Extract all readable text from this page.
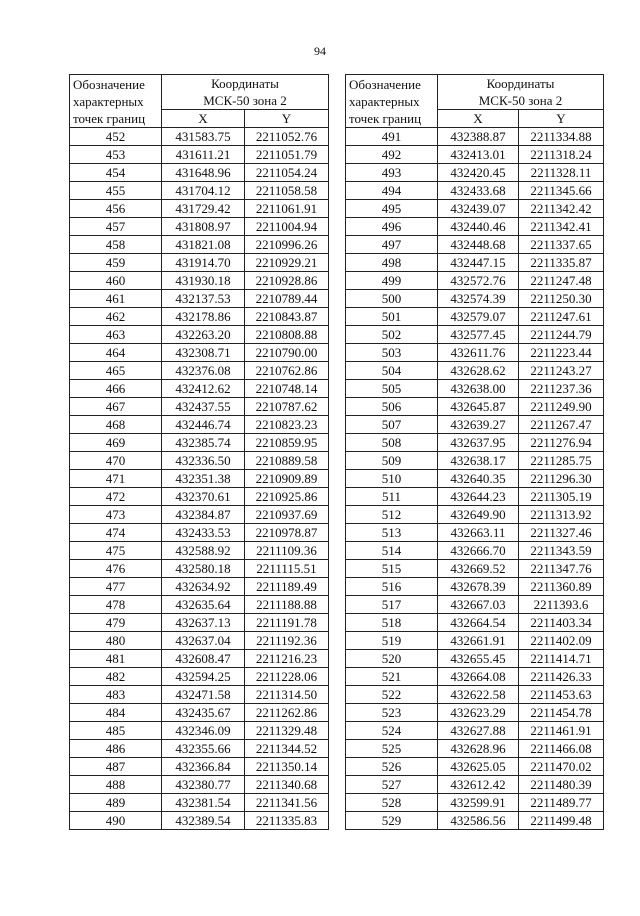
94
Обозначение
характерных
точек границ	Координаты
МСК-50 зона 2	
	X	Y
452	431583.75	2211052.76
453	431611.21	2211051.79
454	431648.96	2211054.24
455	431704.12	2211058.58
456	431729.42	2211061.91
457	431808.97	2211004.94
458	431821.08	2210996.26
459	431914.70	2210929.21
460	431930.18	2210928.86
461	432137.53	2210789.44
462	432178.86	2210843.87
463	432263.20	2210808.88
464	432308.71	2210790.00
465	432376.08	2210762.86
466	432412.62	2210748.14
467	432437.55	2210787.62
468	432446.74	2210823.23
469	432385.74	2210859.95
470	432336.50	2210889.58
471	432351.38	2210909.89
472	432370.61	2210925.86
473	432384.87	2210937.69
474	432433.53	2210978.87
475	432588.92	2211109.36
476	432580.18	2211115.51
477	432634.92	2211189.49
478	432635.64	2211188.88
479	432637.13	2211191.78
480	432637.04	2211192.36
481	432608.47	2211216.23
482	432594.25	2211228.06
483	432471.58	2211314.50
484	432435.67	2211262.86
485	432346.09	2211329.48
486	432355.66	2211344.52
487	432366.84	2211350.14
488	432380.77	2211340.68
489	432381.54	2211341.56
490	432389.54	2211335.83
Обозначение
характерных
точек границ	Координаты
МСК-50 зона 2	
	X	Y
491	432388.87	2211334.88
492	432413.01	2211318.24
493	432420.45	2211328.11
494	432433.68	2211345.66
495	432439.07	2211342.42
496	432440.46	2211342.41
497	432448.68	2211337.65
498	432447.15	2211335.87
499	432572.76	2211247.48
500	432574.39	2211250.30
501	432579.07	2211247.61
502	432577.45	2211244.79
503	432611.76	2211223.44
504	432628.62	2211243.27
505	432638.00	2211237.36
506	432645.87	2211249.90
507	432639.27	2211267.47
508	432637.95	2211276.94
509	432638.17	2211285.75
510	432640.35	2211296.30
511	432644.23	2211305.19
512	432649.90	2211313.92
513	432663.11	2211327.46
514	432666.70	2211343.59
515	432669.52	2211347.76
516	432678.39	2211360.89
517	432667.03	2211393.6
518	432664.54	2211403.34
519	432661.91	2211402.09
520	432655.45	2211414.71
521	432664.08	2211426.33
522	432622.58	2211453.63
523	432623.29	2211454.78
524	432627.88	2211461.91
525	432628.96	2211466.08
526	432625.05	2211470.02
527	432612.42	2211480.39
528	432599.91	2211489.77
529	432586.56	2211499.48
